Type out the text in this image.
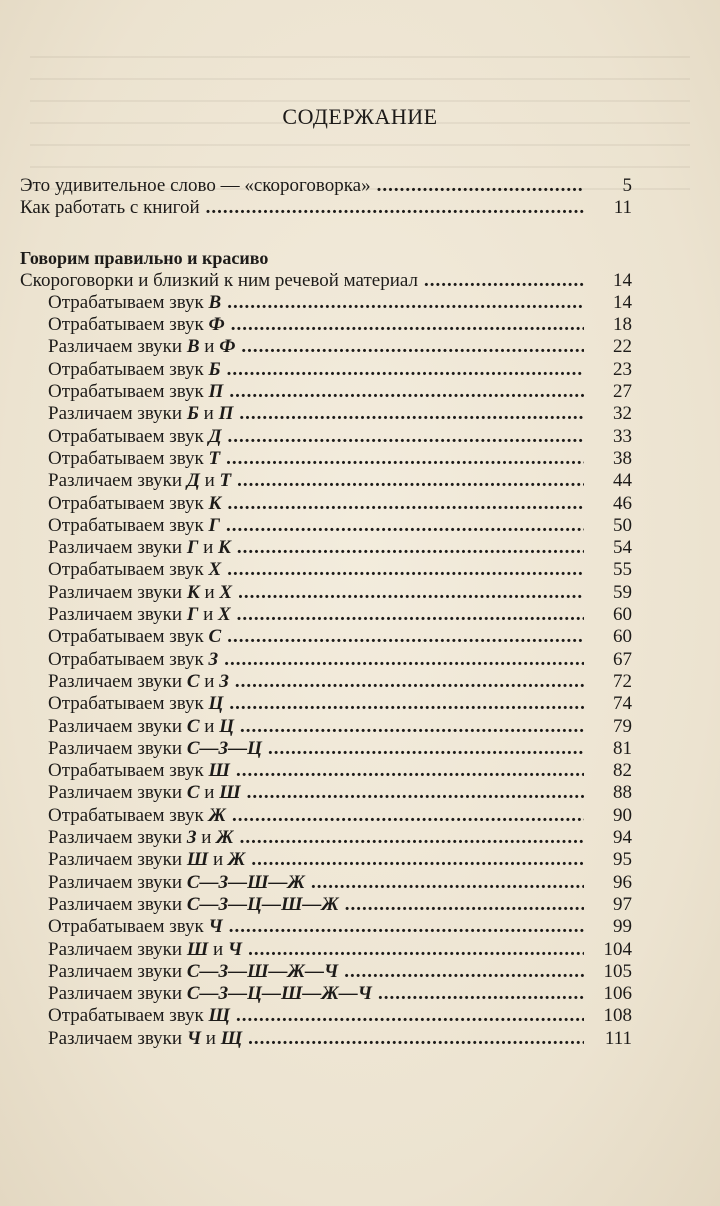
СОДЕРЖАНИЕ
Это удивительное слово — «скороговорка» .....	5
Как работать с книгой .....	11
Говорим правильно и красиво
Скороговорки и близкий к ним речевой материал .....	14
Отрабатываем звук В .....	14
Отрабатываем звук Ф .....	18
Различаем звуки В и Ф .....	22
Отрабатываем звук Б .....	23
Отрабатываем звук П .....	27
Различаем звуки Б и П .....	32
Отрабатываем звук Д .....	33
Отрабатываем звук Т .....	38
Различаем звуки Д и Т .....	44
Отрабатываем звук К .....	46
Отрабатываем звук Г .....	50
Различаем звуки Г и К .....	54
Отрабатываем звук Х .....	55
Различаем звуки К и Х .....	59
Различаем звуки Г и Х .....	60
Отрабатываем звук С .....	60
Отрабатываем звук З .....	67
Различаем звуки С и З .....	72
Отрабатываем звук Ц .....	74
Различаем звуки С и Ц .....	79
Различаем звуки С—З—Ц .....	81
Отрабатываем звук Ш .....	82
Различаем звуки С и Ш .....	88
Отрабатываем звук Ж .....	90
Различаем звуки З и Ж .....	94
Различаем звуки Ш и Ж .....	95
Различаем звуки С—З—Ш—Ж .....	96
Различаем звуки С—З—Ц—Ш—Ж .....	97
Отрабатываем звук Ч .....	99
Различаем звуки Ш и Ч .....	104
Различаем звуки С—З—Ш—Ж—Ч .....	105
Различаем звуки С—З—Ц—Ш—Ж—Ч .....	106
Отрабатываем звук Щ .....	108
Различаем звуки Ч и Щ .....	111
